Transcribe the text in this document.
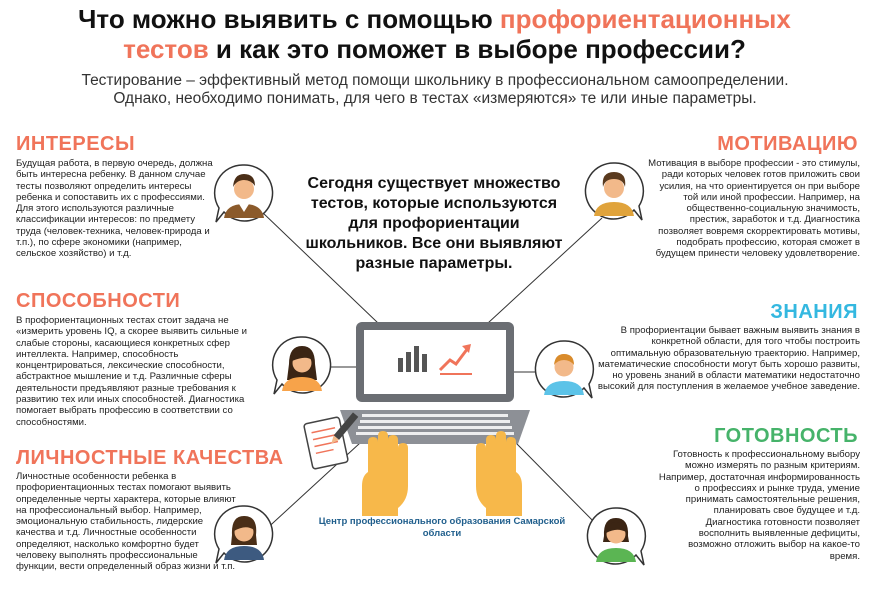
Что можно выявить с помощью профориентационных
тестов и как это поможет в выборе профессии?
Тестирование – эффективный метод помощи школьнику в профессиональном самоопределении. Однако, необходимо понимать, для чего в тестах «измеряются» те или иные параметры.
ИНТЕРЕСЫ
Будущая работа, в первую очередь, должна быть интересна ребенку. В данном случае тесты позволяют определить интересы ребенка и сопоставить их с профессиями. Для этого используются различные классификации интересов: по предмету труда (человек-техника, человек-природа и т.п.), по сфере экономики (например, сельское хозяйство) и т.д.
СПОСОБНОСТИ
В профориентационных тестах стоит задача не «измерить уровень IQ, а скорее выявить сильные и слабые стороны, касающиеся конкретных сфер интеллекта. Например, способность концентрироваться, лексические способности, абстрактное мышление и т.д. Различные сферы деятельности предъявляют разные требования к развитию тех или иных способностей. Диагностика помогает выбрать профессию в соответствии со способностями.
ЛИЧНОСТНЫЕ КАЧЕСТВА
Личностные особенности ребенка в профориентационных тестах помогают выявить определенные черты характера, которые влияют на профессиональный выбор. Например, эмоциональную стабильность, лидерские качества и т.д. Личностные особенности определяют, насколько комфортно будет человеку выполнять профессиональные функции, вести определенный образ жизни и т.п.
МОТИВАЦИЮ
Мотивация в выборе профессии - это стимулы, ради которых человек готов приложить свои усилия, на что ориентируется он при выборе той или иной профессии. Например, на общественно-социальную значимость, престиж, заработок и т.д. Диагностика позволяет вовремя скорректировать мотивы, подобрать профессию, которая сможет в будущем принести человеку удовлетворение.
ЗНАНИЯ
В профориентации бывает важным выявить знания в конкретной области, для того чтобы построить оптимальную образовательную траекторию. Например, математические способности могут быть хорошо развиты, но уровень знаний в области математики недостаточно высокий для поступления в желаемое учебное заведение.
ГОТОВНОСТЬ
Готовность к профессиональному выбору можно измерять по разным критериям. Например, достаточная информированность о профессиях и рынке труда, умение принимать самостоятельные решения, планировать свое будущее и т.д. Диагностика готовности позволяет восполнить выявленные дефициты, возможно отложить выбор на какое-то время.
Сегодня существует множество тестов, которые используются для профориентации школьников. Все они выявляют разные параметры.
Центр профессионального образования Самарской области
